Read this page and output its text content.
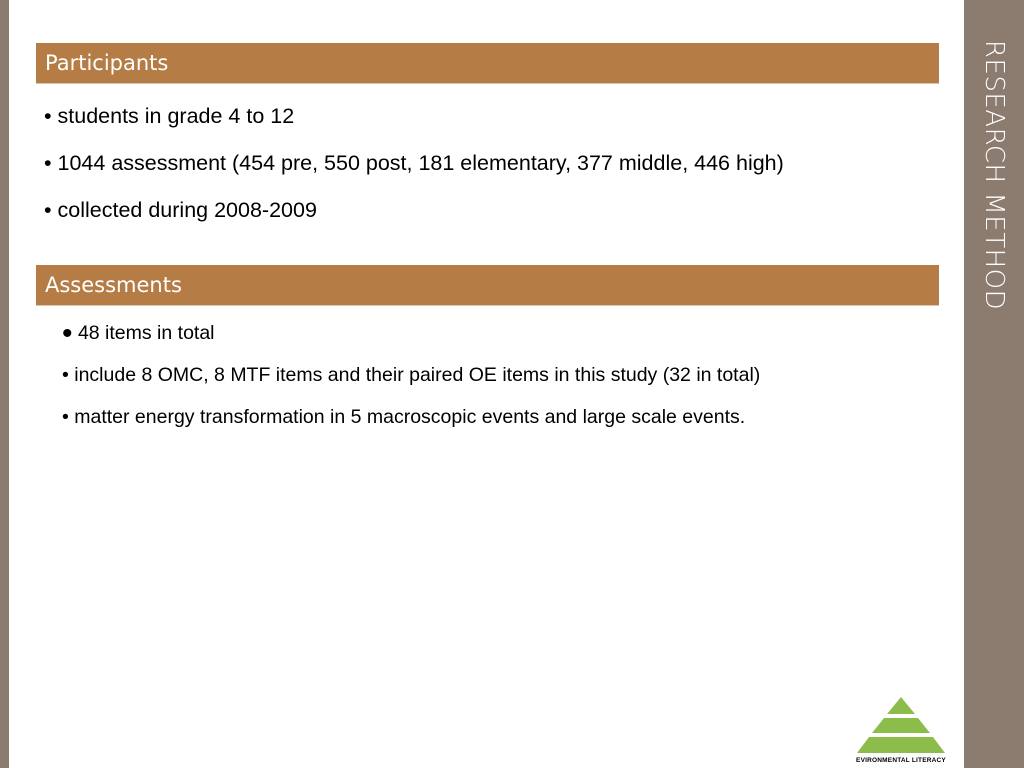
RESEARCH METHOD
Participants
• students in grade 4 to 12
• 1044 assessment (454 pre, 550 post, 181 elementary, 377 middle, 446 high)
• collected during 2008-2009
Assessments
• 48 items in total
• include 8 OMC, 8 MTF items and their paired OE items in this study (32 in total)
• matter energy transformation in 5 macroscopic events and large scale events.
EVIRONMENTAL LITERACY
